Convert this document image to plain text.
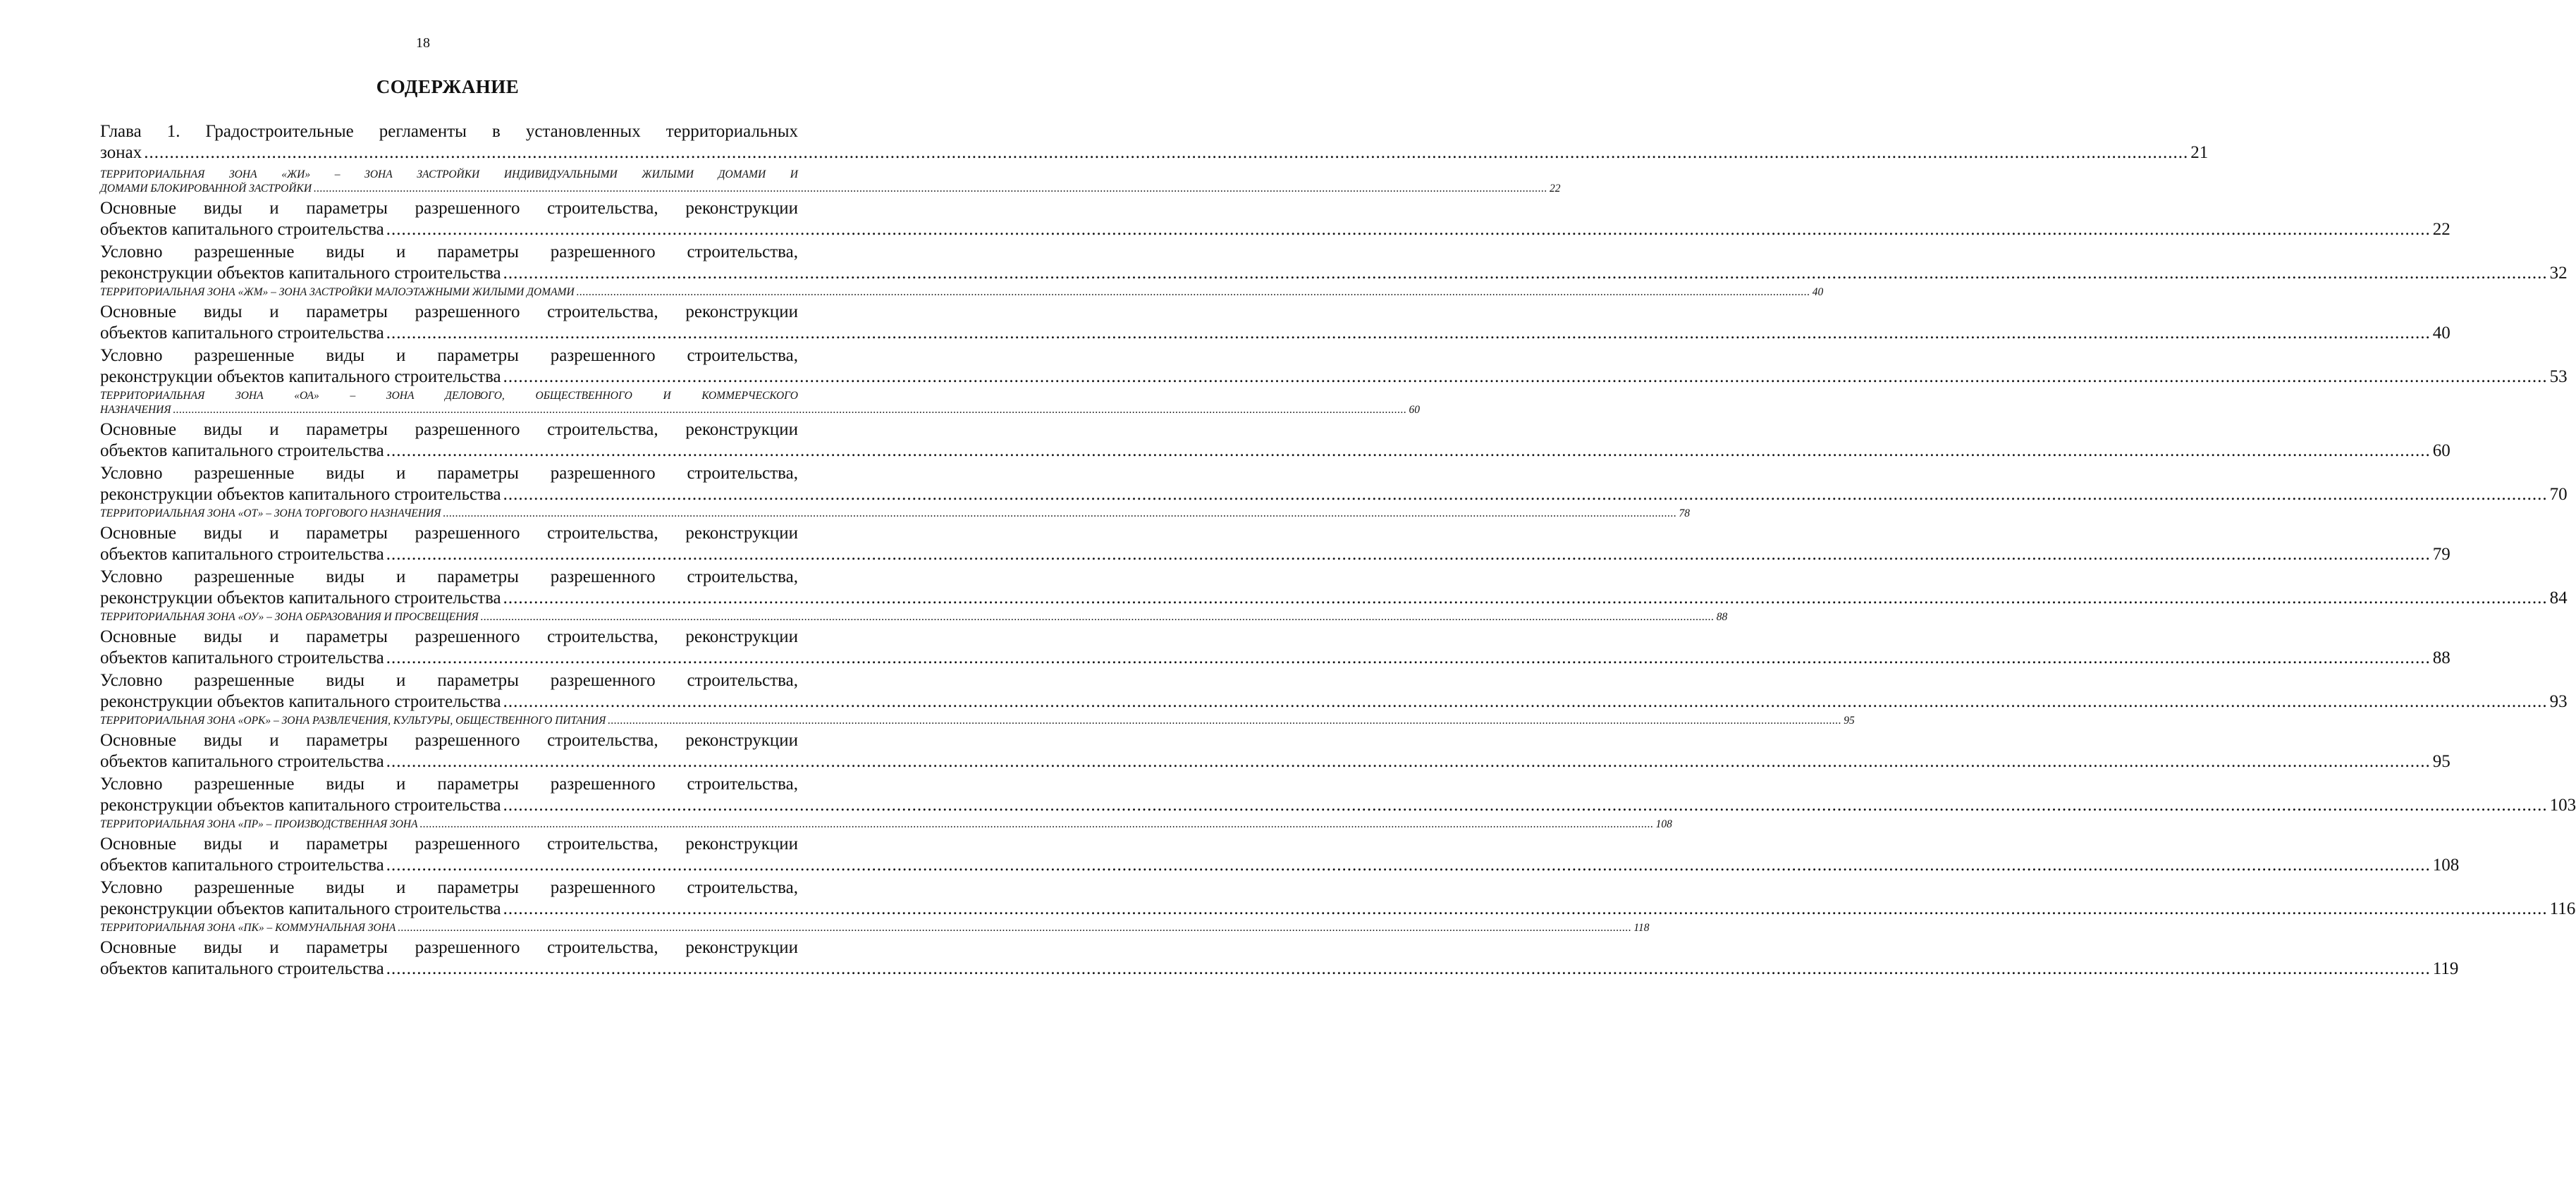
18
СОДЕРЖАНИЕ
Глава 1. Градостроительные регламенты в установленных территориальных
зонах ................................................................................................................................................................................................................................................................................................................................................................................................................ 21
ТЕРРИТОРИАЛЬНАЯ ЗОНА «ЖИ» – ЗОНА ЗАСТРОЙКИ ИНДИВИДУАЛЬНЫМИ ЖИЛЫМИ ДОМАМИ И
ДОМАМИ БЛОКИРОВАННОЙ ЗАСТРОЙКИ ................................................................................................................................................................................................................................................................................................................................................................................................................ 22
Основные виды и параметры разрешенного строительства, реконструкции
объектов капитального строительства ................................................................................................................................................................................................................................................................................................................................................................................................................ 22
Условно разрешенные виды и параметры разрешенного строительства,
реконструкции объектов капитального строительства ................................................................................................................................................................................................................................................................................................................................................................................................................ 32
ТЕРРИТОРИАЛЬНАЯ ЗОНА «ЖМ» – ЗОНА ЗАСТРОЙКИ МАЛОЭТАЖНЫМИ ЖИЛЫМИ ДОМАМИ ................................................................................................................................................................................................................................................................................................................................................................................................................ 40
Основные виды и параметры разрешенного строительства, реконструкции
объектов капитального строительства ................................................................................................................................................................................................................................................................................................................................................................................................................ 40
Условно разрешенные виды и параметры разрешенного строительства,
реконструкции объектов капитального строительства ................................................................................................................................................................................................................................................................................................................................................................................................................ 53
ТЕРРИТОРИАЛЬНАЯ ЗОНА «ОА» – ЗОНА ДЕЛОВОГО, ОБЩЕСТВЕННОГО И КОММЕРЧЕСКОГО
НАЗНАЧЕНИЯ ................................................................................................................................................................................................................................................................................................................................................................................................................ 60
Основные виды и параметры разрешенного строительства, реконструкции
объектов капитального строительства ................................................................................................................................................................................................................................................................................................................................................................................................................ 60
Условно разрешенные виды и параметры разрешенного строительства,
реконструкции объектов капитального строительства ................................................................................................................................................................................................................................................................................................................................................................................................................ 70
ТЕРРИТОРИАЛЬНАЯ ЗОНА «ОТ» – ЗОНА ТОРГОВОГО НАЗНАЧЕНИЯ ................................................................................................................................................................................................................................................................................................................................................................................................................ 78
Основные виды и параметры разрешенного строительства, реконструкции
объектов капитального строительства ................................................................................................................................................................................................................................................................................................................................................................................................................ 79
Условно разрешенные виды и параметры разрешенного строительства,
реконструкции объектов капитального строительства ................................................................................................................................................................................................................................................................................................................................................................................................................ 84
ТЕРРИТОРИАЛЬНАЯ ЗОНА «ОУ» – ЗОНА ОБРАЗОВАНИЯ И ПРОСВЕЩЕНИЯ ................................................................................................................................................................................................................................................................................................................................................................................................................ 88
Основные виды и параметры разрешенного строительства, реконструкции
объектов капитального строительства ................................................................................................................................................................................................................................................................................................................................................................................................................ 88
Условно разрешенные виды и параметры разрешенного строительства,
реконструкции объектов капитального строительства ................................................................................................................................................................................................................................................................................................................................................................................................................ 93
ТЕРРИТОРИАЛЬНАЯ ЗОНА «ОРК» – ЗОНА РАЗВЛЕЧЕНИЯ, КУЛЬТУРЫ, ОБЩЕСТВЕННОГО ПИТАНИЯ ................................................................................................................................................................................................................................................................................................................................................................................................................ 95
Основные виды и параметры разрешенного строительства, реконструкции
объектов капитального строительства ................................................................................................................................................................................................................................................................................................................................................................................................................ 95
Условно разрешенные виды и параметры разрешенного строительства,
реконструкции объектов капитального строительства ................................................................................................................................................................................................................................................................................................................................................................................................................ 103
ТЕРРИТОРИАЛЬНАЯ ЗОНА «ПР» – ПРОИЗВОДСТВЕННАЯ ЗОНА ................................................................................................................................................................................................................................................................................................................................................................................................................ 108
Основные виды и параметры разрешенного строительства, реконструкции
объектов капитального строительства ................................................................................................................................................................................................................................................................................................................................................................................................................ 108
Условно разрешенные виды и параметры разрешенного строительства,
реконструкции объектов капитального строительства ................................................................................................................................................................................................................................................................................................................................................................................................................ 116
ТЕРРИТОРИАЛЬНАЯ ЗОНА «ПК» – КОММУНАЛЬНАЯ ЗОНА ................................................................................................................................................................................................................................................................................................................................................................................................................ 118
Основные виды и параметры разрешенного строительства, реконструкции
объектов капитального строительства ................................................................................................................................................................................................................................................................................................................................................................................................................ 119
